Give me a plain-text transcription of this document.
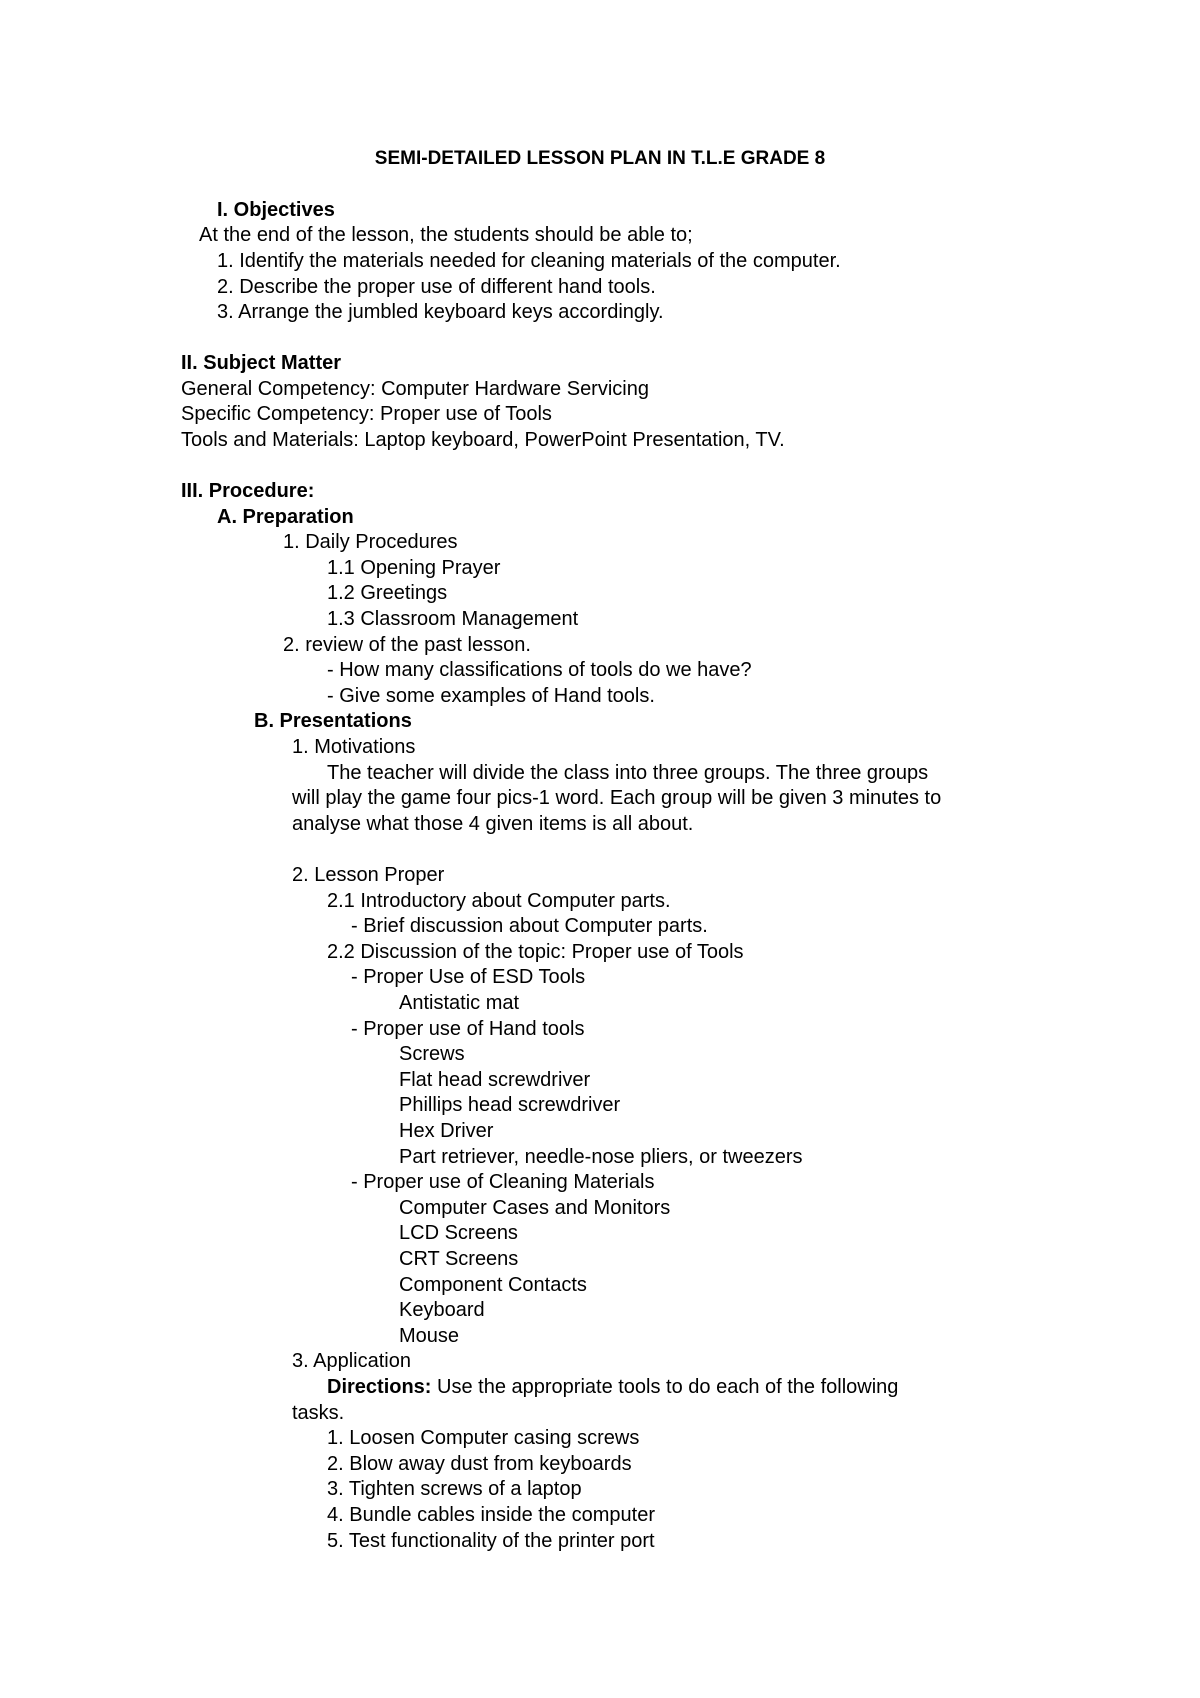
SEMI-DETAILED LESSON PLAN IN T.L.E GRADE 8
I. Objectives
At the end of the lesson, the students should be able to;
1. Identify the materials needed for cleaning materials of the computer.
2. Describe the proper use of different hand tools.
3. Arrange the jumbled keyboard keys accordingly.
II. Subject Matter
General Competency: Computer Hardware Servicing
Specific Competency: Proper use of Tools
Tools and Materials: Laptop keyboard, PowerPoint Presentation, TV.
III. Procedure:
A. Preparation
1. Daily Procedures
1.1 Opening Prayer
1.2 Greetings
1.3 Classroom Management
2. review of the past lesson.
- How many classifications of tools do we have?
- Give some examples of Hand tools.
B. Presentations
1. Motivations
The teacher will divide the class into three groups. The three groups
will play the game four pics-1 word. Each group will be given 3 minutes to
analyse what those 4 given items is all about.
2. Lesson Proper
2.1 Introductory about Computer parts.
- Brief discussion about Computer parts.
2.2 Discussion of the topic: Proper use of Tools
- Proper Use of ESD Tools
Antistatic mat
- Proper use of Hand tools
Screws
Flat head screwdriver
Phillips head screwdriver
Hex Driver
Part retriever, needle-nose pliers, or tweezers
- Proper use of Cleaning Materials
Computer Cases and Monitors
LCD Screens
CRT Screens
Component Contacts
Keyboard
Mouse
3. Application
Directions: Use the appropriate tools to do each of the following
tasks.
1. Loosen Computer casing screws
2. Blow away dust from keyboards
3. Tighten screws of a laptop
4. Bundle cables inside the computer
5. Test functionality of the printer port
